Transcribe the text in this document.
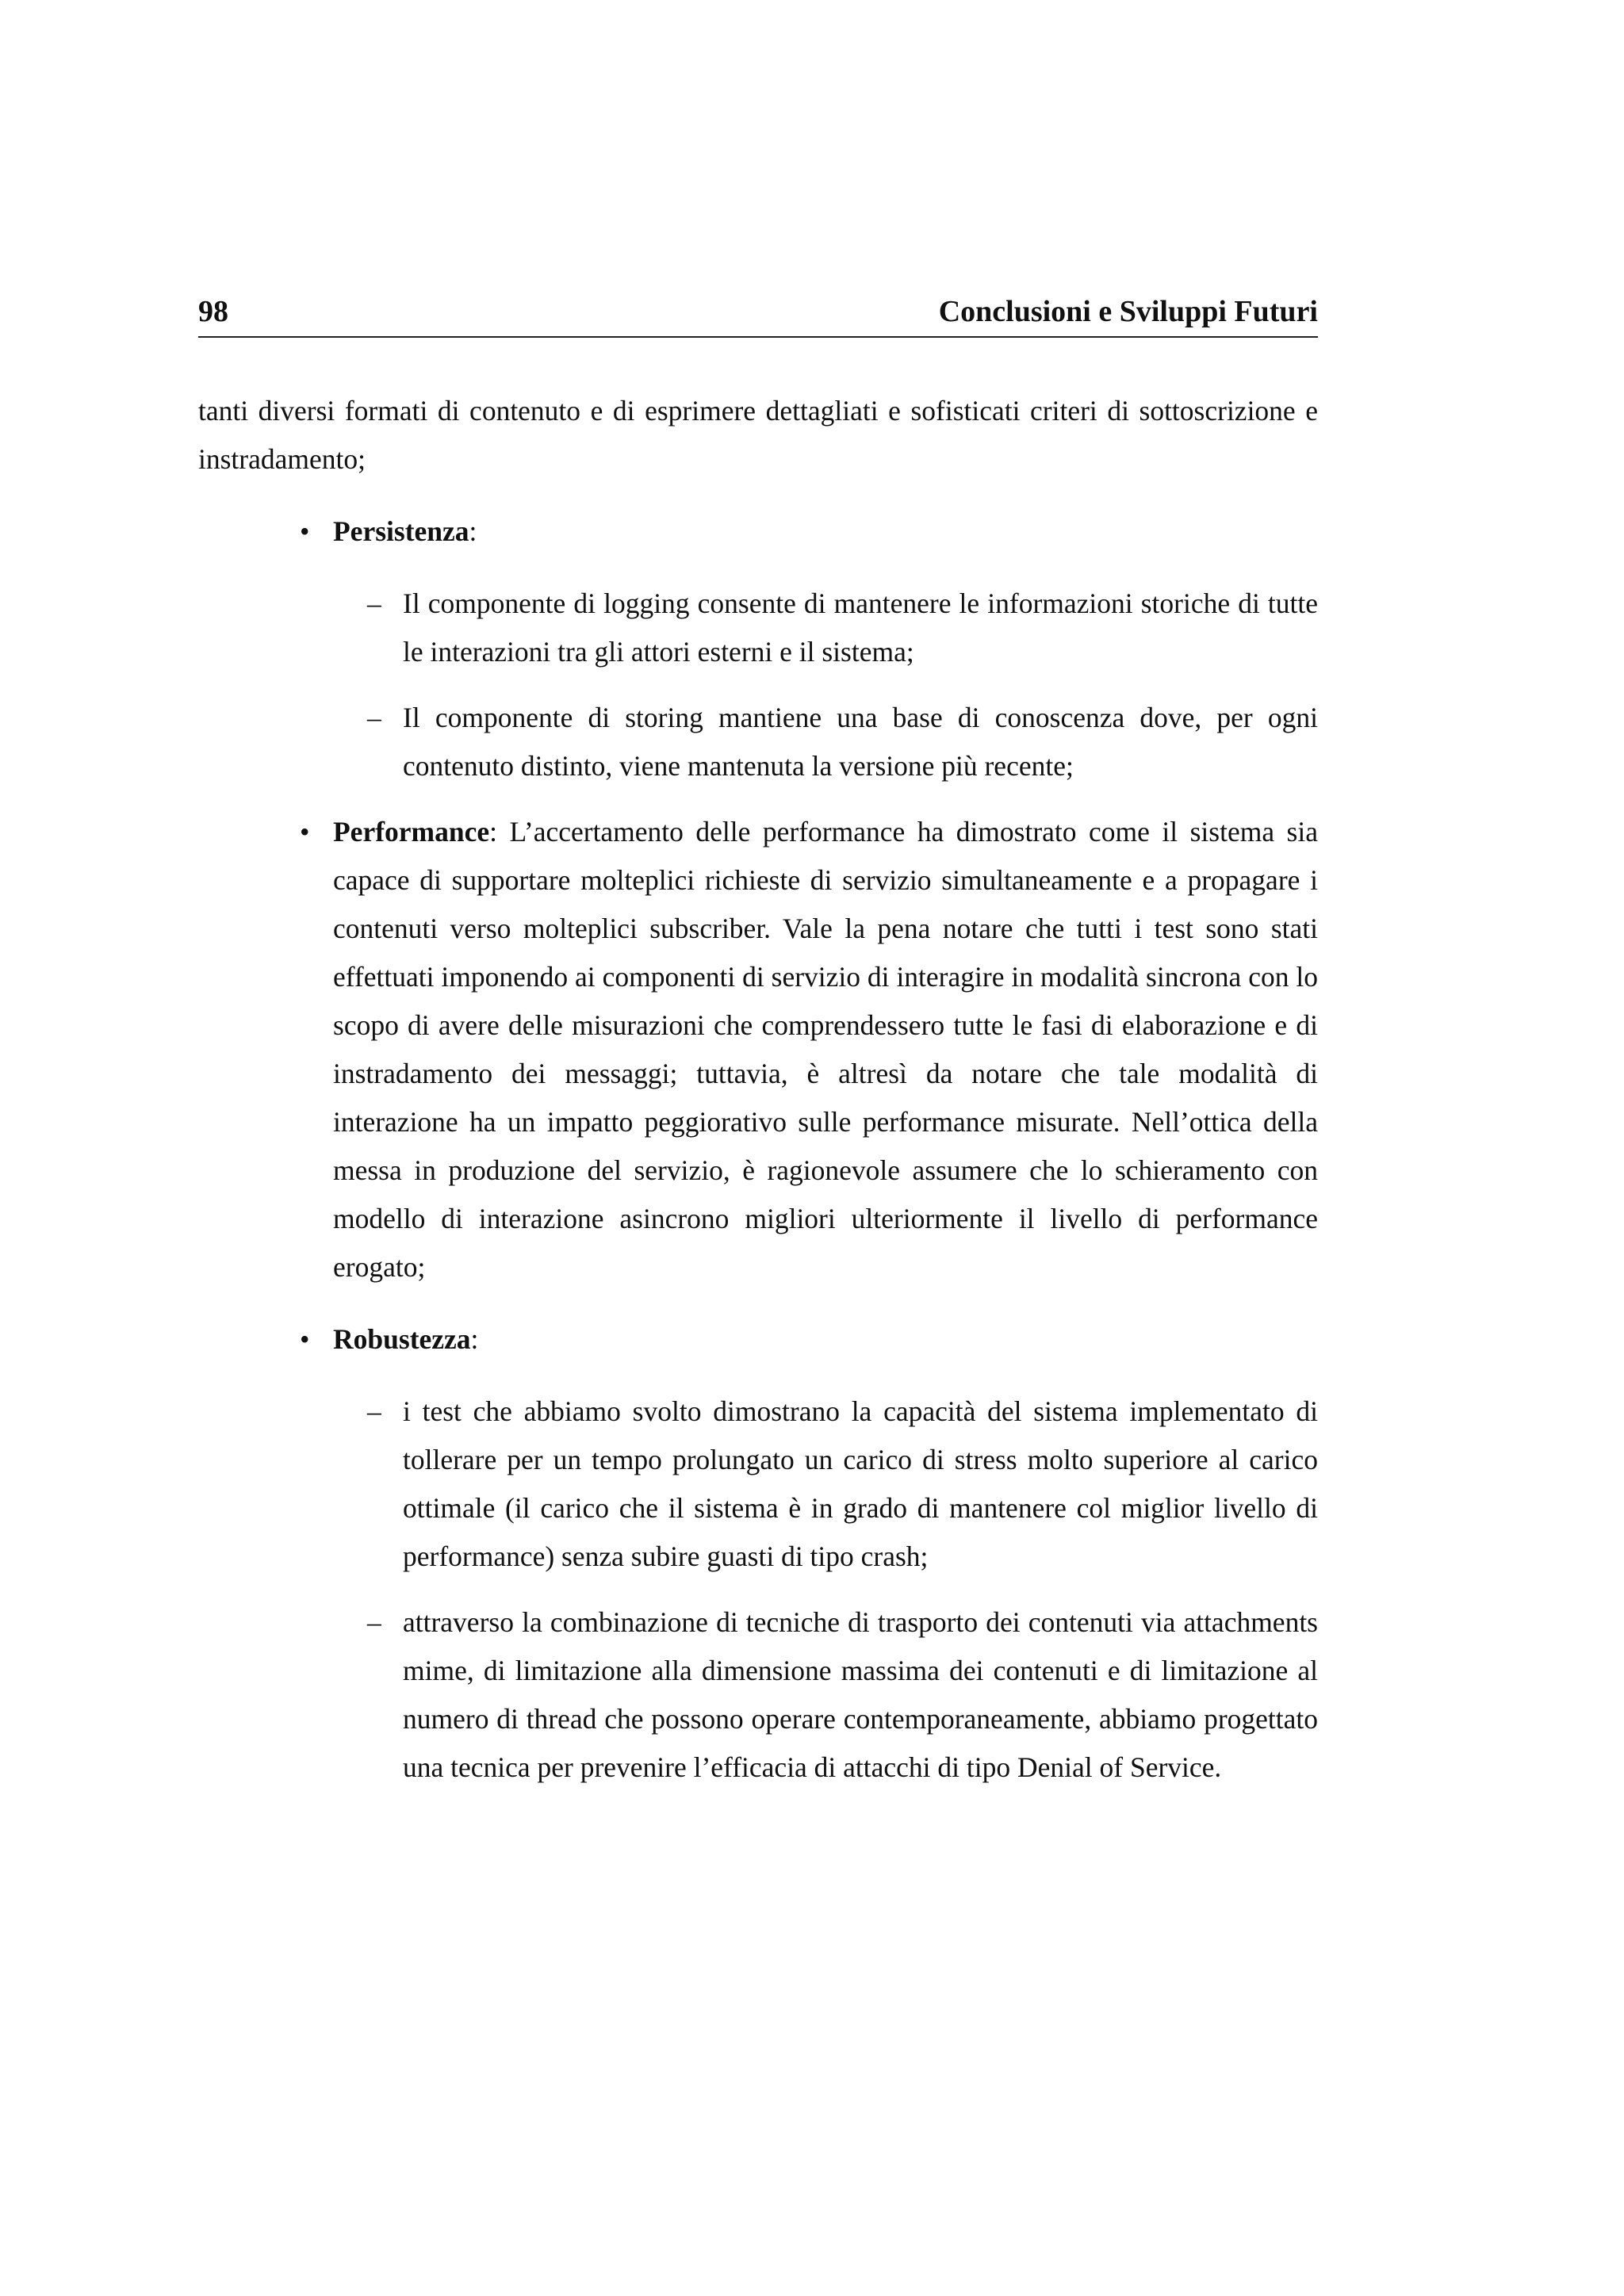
98	Conclusioni e Sviluppi Futuri

tanti diversi formati di contenuto e di esprimere dettagliati e sofisticati criteri di sottoscrizione e instradamento;

• Persistenza:
– Il componente di logging consente di mantenere le informazioni storiche di tutte le interazioni tra gli attori esterni e il sistema;
– Il componente di storing mantiene una base di conoscenza dove, per ogni contenuto distinto, viene mantenuta la versione più recente;
• Performance: L’accertamento delle performance ha dimostrato come il sistema sia capace di supportare molteplici richieste di servizio simultaneamente e a propagare i contenuti verso molteplici subscriber. Vale la pena notare che tutti i test sono stati effettuati imponendo ai componenti di servizio di interagire in modalità sincrona con lo scopo di avere delle misurazioni che comprendessero tutte le fasi di elaborazione e di instradamento dei messaggi; tuttavia, è altresì da notare che tale modalità di interazione ha un impatto peggiorativo sulle performance misurate. Nell’ottica della messa in produzione del servizio, è ragionevole assumere che lo schieramento con modello di interazione asincrono migliori ulteriormente il livello di performance erogato;
• Robustezza:
– i test che abbiamo svolto dimostrano la capacità del sistema implementato di tollerare per un tempo prolungato un carico di stress molto superiore al carico ottimale (il carico che il sistema è in grado di mantenere col miglior livello di performance) senza subire guasti di tipo crash;
– attraverso la combinazione di tecniche di trasporto dei contenuti via attachments mime, di limitazione alla dimensione massima dei contenuti e di limitazione al numero di thread che possono operare contemporaneamente, abbiamo progettato una tecnica per prevenire l’efficacia di attacchi di tipo Denial of Service.
